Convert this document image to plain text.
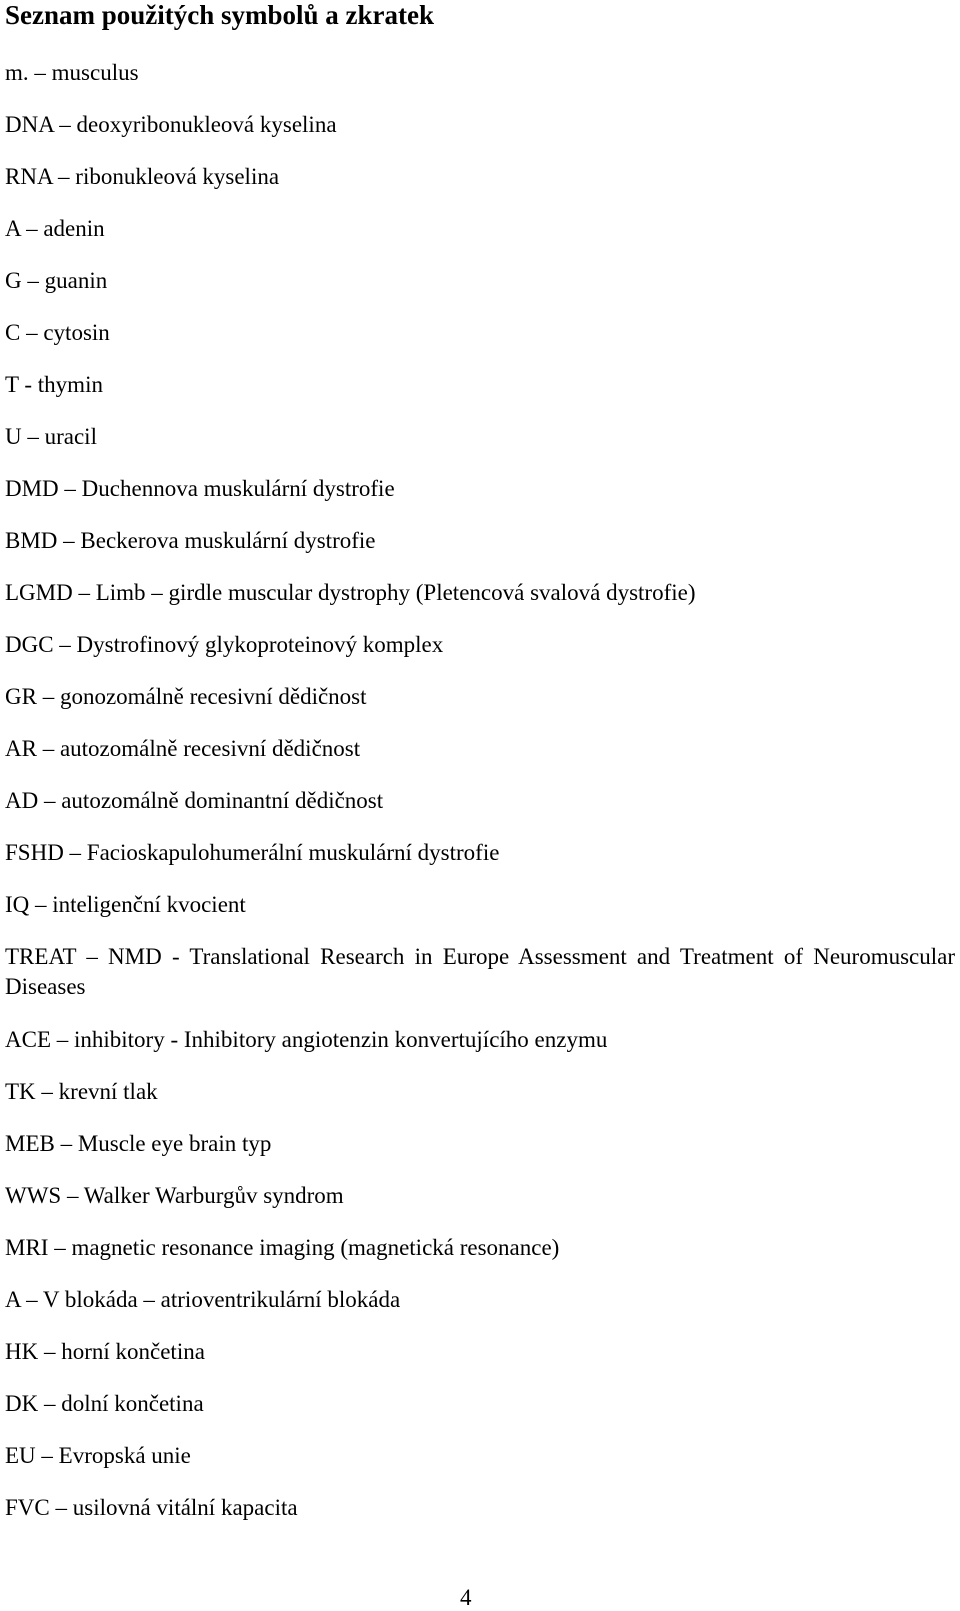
Seznam použitých symbolů a zkratek

m. – musculus

DNA – deoxyribonukleová kyselina

RNA – ribonukleová kyselina

A – adenin

G – guanin

C – cytosin

T - thymin

U – uracil

DMD – Duchennova muskulární dystrofie

BMD – Beckerova muskulární dystrofie

LGMD – Limb – girdle muscular dystrophy (Pletencová svalová dystrofie)

DGC – Dystrofinový glykoproteinový komplex

GR – gonozomálně recesivní dědičnost

AR – autozomálně recesivní dědičnost

AD – autozomálně dominantní dědičnost

FSHD – Facioskapulohumerální muskulární dystrofie

IQ – inteligenční kvocient

TREAT – NMD - Translational Research in Europe Assessment and Treatment of Neuromuscular Diseases

ACE – inhibitory - Inhibitory angiotenzin konvertujícího enzymu

TK – krevní tlak

MEB – Muscle eye brain typ

WWS – Walker Warburgův syndrom

MRI – magnetic resonance imaging (magnetická resonance)

A – V blokáda – atrioventrikulární blokáda

HK – horní končetina

DK – dolní končetina

EU – Evropská unie

FVC – usilovná vitální kapacita

4
